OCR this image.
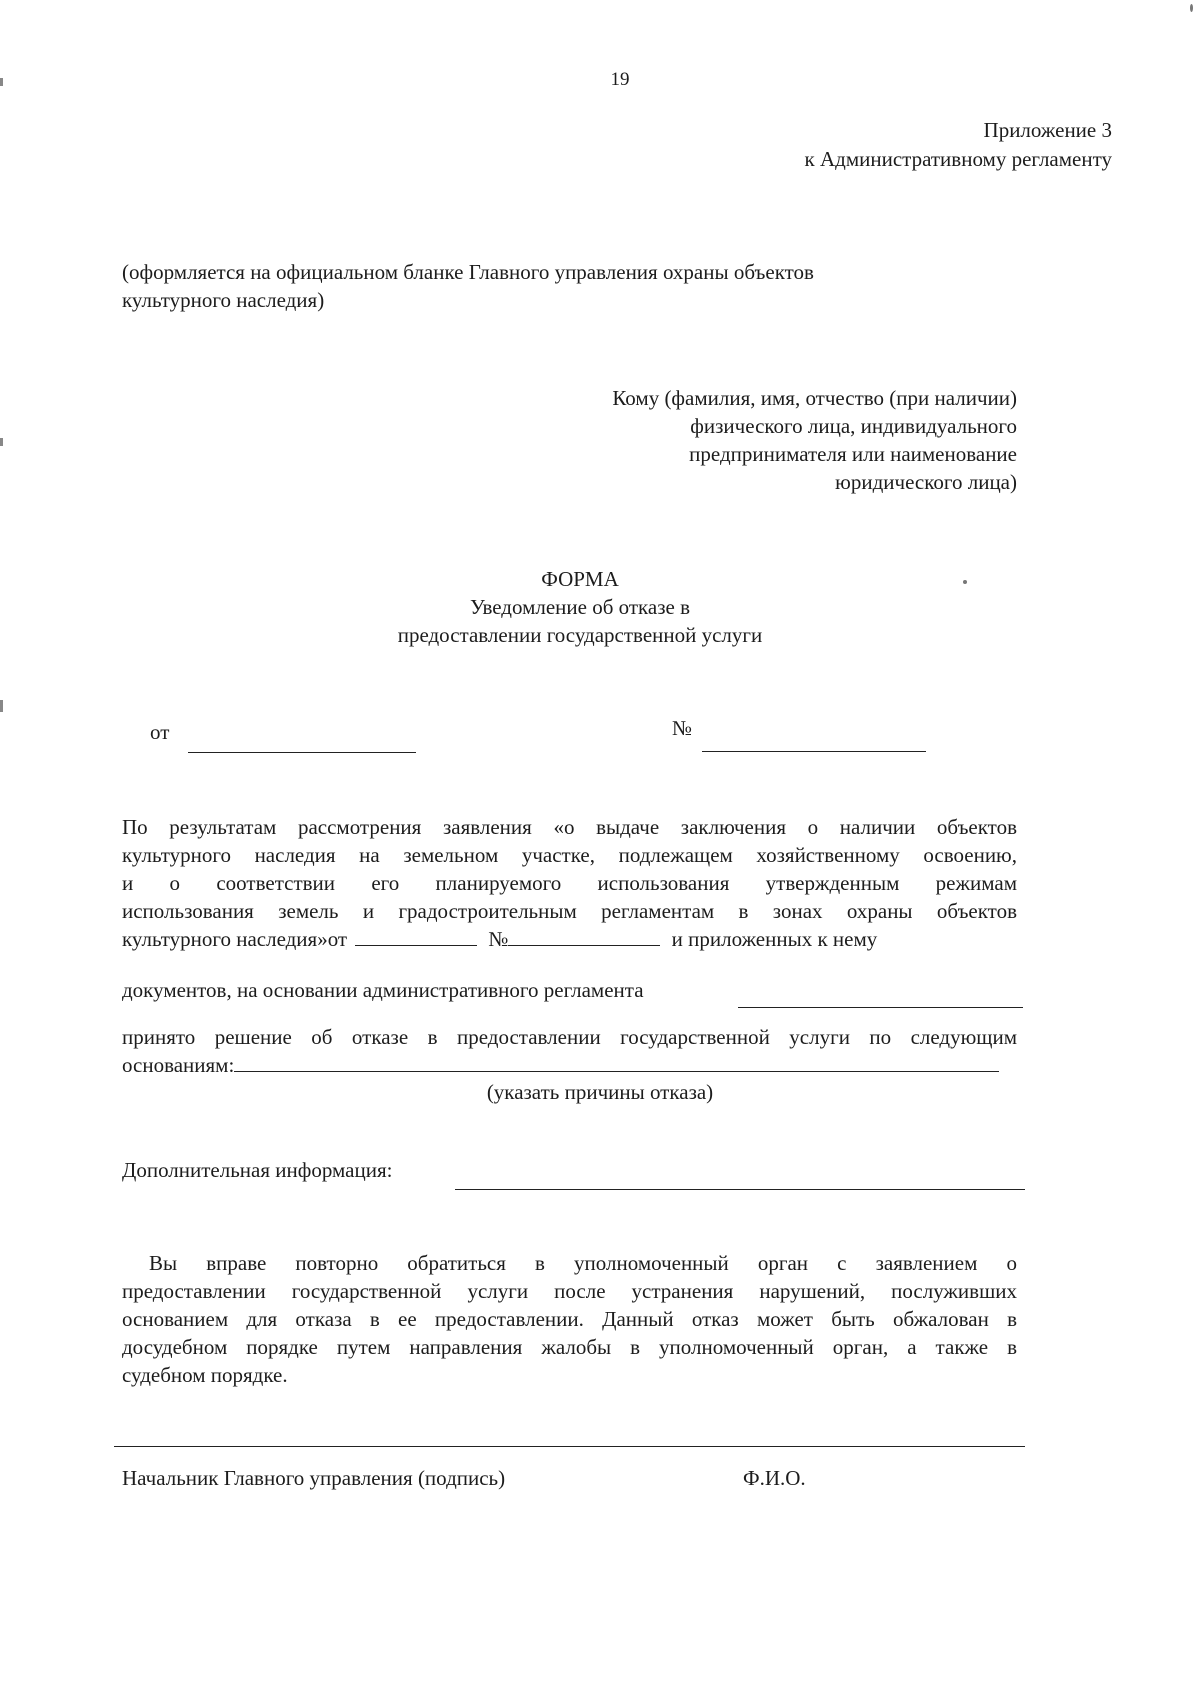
19
Приложение 3
к Административному регламенту
(оформляется на официальном бланке Главного управления охраны объектов
культурного наследия)
Кому (фамилия, имя, отчество (при наличии)
физического лица, индивидуального
предпринимателя или наименование
юридического лица)
ФОРМА
Уведомление об отказе в
предоставлении государственной услуги
от	№
По результатам рассмотрения заявления «о выдаче заключения о наличии объектов
культурного наследия на земельном участке, подлежащем хозяйственному освоению,
и о соответствии его планируемого использования утвержденным режимам
использования земель и градостроительным регламентам в зонах охраны объектов
культурного наследия»от	№	и приложенных к нему
документов, на основании административного регламента
принято решение об отказе в предоставлении государственной услуги по следующим
основаниям:
(указать причины отказа)
Дополнительная информация:
Вы вправе повторно обратиться в уполномоченный орган с заявлением о
предоставлении государственной услуги после устранения нарушений, послуживших
основанием для отказа в ее предоставлении. Данный отказ может быть обжалован в
досудебном порядке путем направления жалобы в уполномоченный орган, а также в
судебном порядке.
Начальник Главного управления (подпись)	Ф.И.О.
